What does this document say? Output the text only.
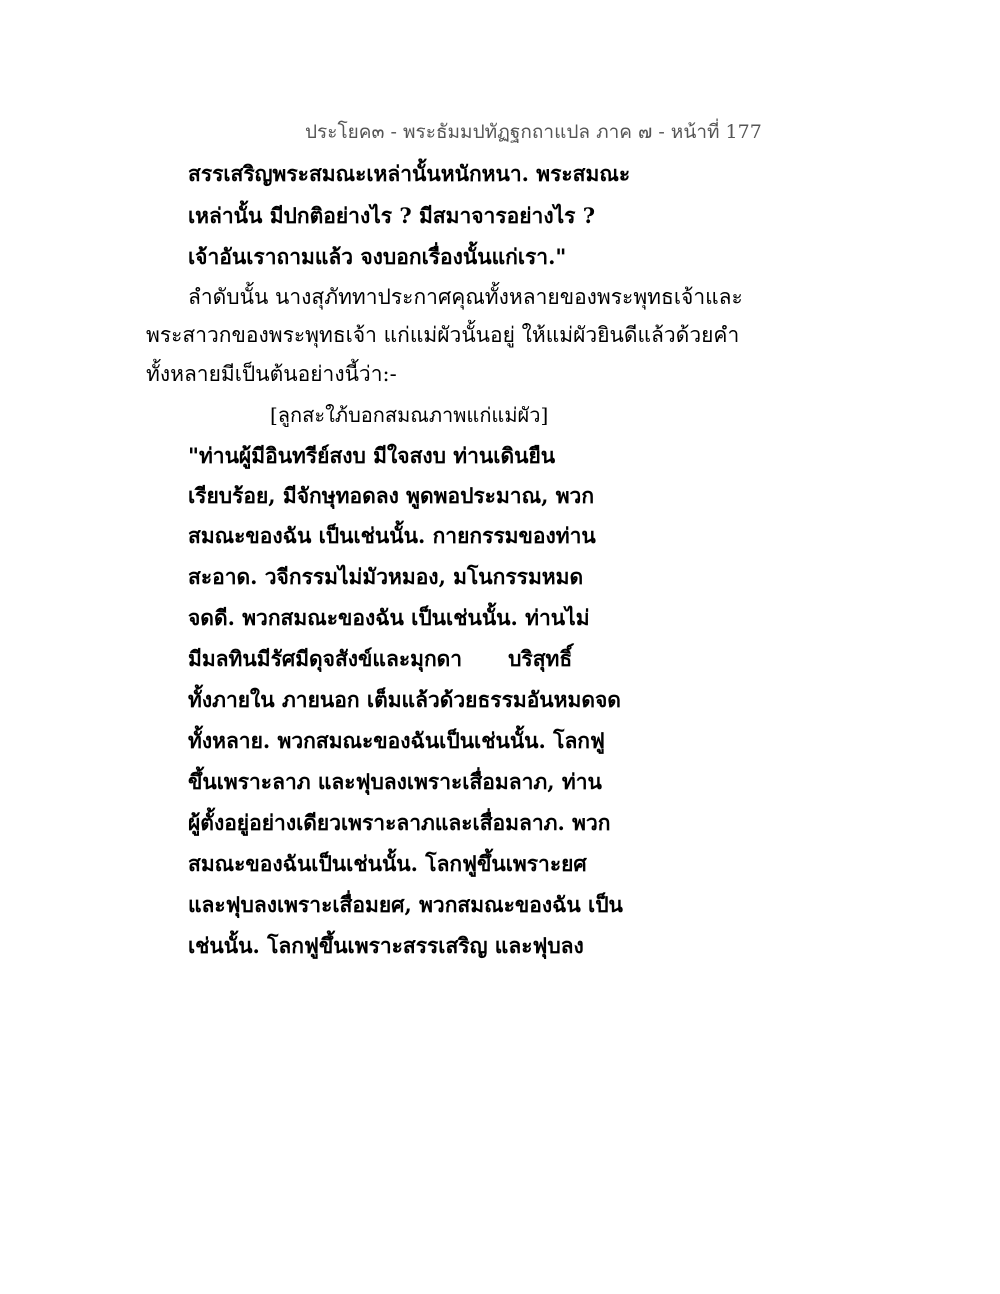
ประโยค๓ - พระธัมมปทัฏฐกถาแปล ภาค ๗ - หน้าที่ 177
สรรเสริญพระสมณะเหล่านั้นหนักหนา. พระสมณะ
เหล่านั้น มีปกติอย่างไร ? มีสมาจารอย่างไร ?
เจ้าอันเราถามแล้ว จงบอกเรื่องนั้นแก่เรา."
ลำดับนั้น นางสุภัททาประกาศคุณทั้งหลายของพระพุทธเจ้าและ
พระสาวกของพระพุทธเจ้า แก่แม่ผัวนั้นอยู่ ให้แม่ผัวยินดีแล้วด้วยคำ
ทั้งหลายมีเป็นต้นอย่างนี้ว่า:-
[ลูกสะใภ้บอกสมณภาพแก่แม่ผัว]
"ท่านผู้มีอินทรีย์สงบ มีใจสงบ ท่านเดินยืน
เรียบร้อย, มีจักษุทอดลง พูดพอประมาณ, พวก
สมณะของฉัน เป็นเช่นนั้น. กายกรรมของท่าน
สะอาด. วจีกรรมไม่มัวหมอง, มโนกรรมหมด
จดดี. พวกสมณะของฉัน เป็นเช่นนั้น. ท่านไม่
มีมลทินมีรัศมีดุจสังข์และมุกดา บริสุทธิ์
ทั้งภายใน ภายนอก เต็มแล้วด้วยธรรมอันหมดจด
ทั้งหลาย. พวกสมณะของฉันเป็นเช่นนั้น. โลกฟู
ขึ้นเพราะลาภ และฟุบลงเพราะเสื่อมลาภ, ท่าน
ผู้ตั้งอยู่อย่างเดียวเพราะลาภและเสื่อมลาภ. พวก
สมณะของฉันเป็นเช่นนั้น. โลกฟูขึ้นเพราะยศ
และฟุบลงเพราะเสื่อมยศ, พวกสมณะของฉัน เป็น
เช่นนั้น. โลกฟูขึ้นเพราะสรรเสริญ และฟุบลง
